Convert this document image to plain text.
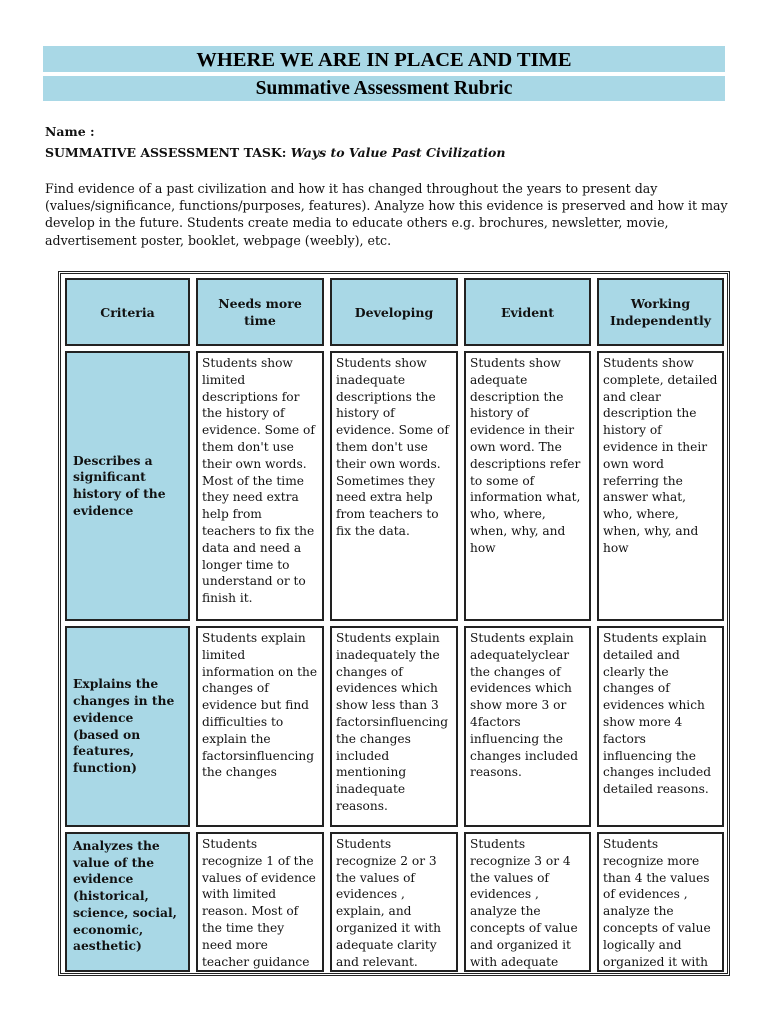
WHERE WE ARE IN PLACE AND TIME
Summative Assessment Rubric
Name :
SUMMATIVE ASSESSMENT TASK: Ways to Value Past Civilization

Find evidence of a past civilization and how it has changed throughout the years to present day (values/significance, functions/purposes, features). Analyze how this evidence is preserved and how it may develop in the future. Students create media to educate others e.g. brochures, newsletter, movie, advertisement poster, booklet, webpage (weebly), etc.

Criteria
Needs more time
Developing	Evident
Working Independently
Describes a significant history of the evidence
Students show limited descriptions for the history of evidence. Some of them don't use their own words. Most of the time they need extra help from teachers to fix the data and need a longer time to understand or to finish it.
Students show inadequate descriptions the history of evidence. Some of them don't use their own words. Sometimes they need extra help from teachers to fix the data.
Students show adequate description the history of evidence in their own word. The descriptions refer to some of information what, who, where, when, why, and how
Students show complete, detailed and clear description the history of evidence in their own word referring the answer what, who, where, when, why, and how
Explains the changes in the evidence (based on features, function)
Students explain limited information on the changes of evidence but find difficulties to explain the factorsinfluencing the changes
Students explain inadequately the changes of evidences which show less than 3 factorsinfluencing the changes included mentioning inadequate reasons.
Students explain adequatelyclear the changes of evidences which show more 3 or 4factors influencing the changes included reasons.
Students explain detailed and clearly the changes of evidences which show more 4 factors influencing the changes included detailed reasons.
Analyzes the value of the evidence (historical, science, social, economic, aesthetic)
Students recognize 1 of the values of evidence with limited reason. Most of the time they need more teacher guidance
Students recognize 2 or 3 the values of evidences , explain, and organized it with adequate clarity and relevant.
Students recognize 3 or 4 the values of evidences , analyze the concepts of value and organized it with adequate
Students recognize more than 4 the values of evidences , analyze the concepts of value logically and organized it with
